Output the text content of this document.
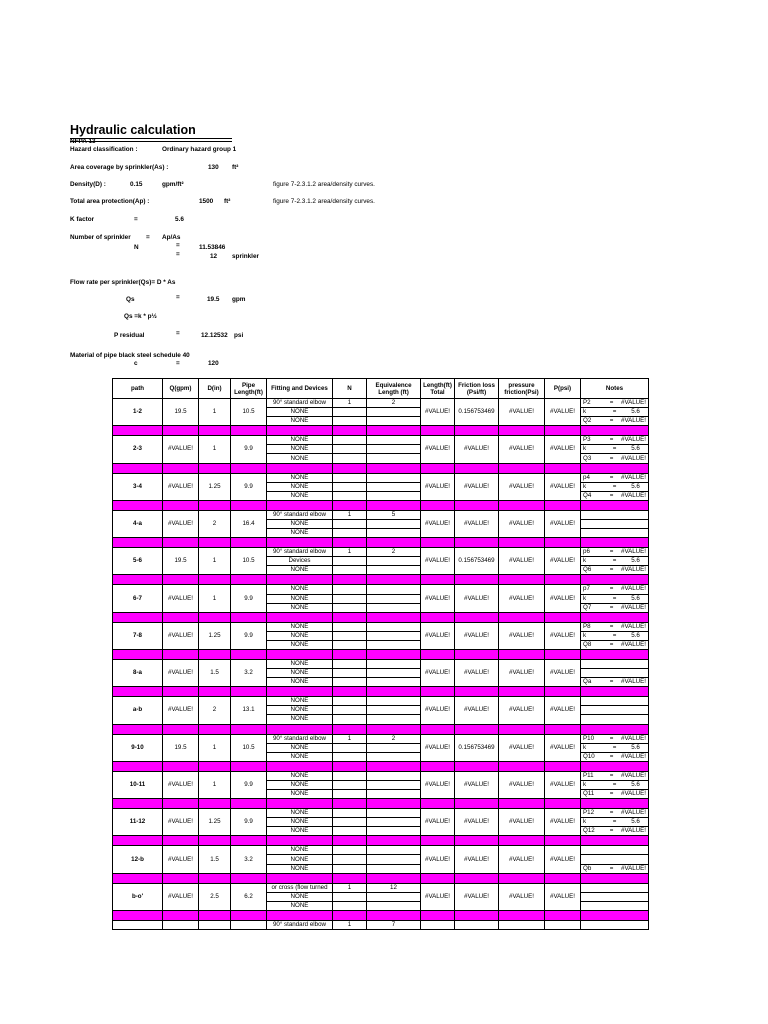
Hydraulic calculation
NFPA 13
Hazard classification :	Ordinary hazard group 1
Area coverage by sprinkler(As) :	130 ft²
Density(D) :	0.15	gpm/ft²	figure 7-2.3.1.2 area/density curves.
Total area protection(Ap) :	1500 ft²	figure 7-2.3.1.2 area/density curves.
K factor	=	5.6
Number of sprinkler = Ap/As
N	=	11.53846
=	12 sprinkler
Flow rate per sprinkler(Qs)= D * As
Qs	=	19.5 gpm
Qs =k * p½
P residual	=	12.12532 psi
Material of pipe black steel schedule 40
c	=	120
path	Q(gpm)	D(in)	Pipe Length(ft)	Fitting and Devices	N	Equivalence Length (ft)	Length(ft) Total	Friction loss (Psi/ft)	pressure friction(Psi)	P(psi)	Notes
1-2	19.5	1	10.5	90° standard elbow	1	2	#VALUE!	0.156753469	#VALUE!	#VALUE!	P2 = #VALUE!

				NONE							k = 5.6

				NONE							Q2 = #VALUE!

2-3	#VALUE!	1	9.9	NONE			#VALUE!	#VALUE!	#VALUE!	#VALUE!	P3 = #VALUE!

				NONE							k = 5.6

				NONE							Q3 = #VALUE!

3-4	#VALUE!	1.25	9.9	NONE			#VALUE!	#VALUE!	#VALUE!	#VALUE!	p4 = #VALUE!

				NONE							k = 5.6

				NONE							Q4 = #VALUE!

4-a	#VALUE!	2	16.4	90° standard elbow	1	5	#VALUE!	#VALUE!	#VALUE!	#VALUE!	

				NONE							

				NONE							

5-6	19.5	1	10.5	90° standard elbow	1	2	#VALUE!	0.156753469	#VALUE!	#VALUE!	p6 = #VALUE!

				Devices							k = 5.6

				NONE							Q6 = #VALUE!

6-7	#VALUE!	1	9.9	NONE			#VALUE!	#VALUE!	#VALUE!	#VALUE!	p7 = #VALUE!

				NONE							k = 5.6

				NONE							Q7 = #VALUE!

7-8	#VALUE!	1.25	9.9	NONE			#VALUE!	#VALUE!	#VALUE!	#VALUE!	P8 = #VALUE!

				NONE							k = 5.6

				NONE							Q8 = #VALUE!

8-a	#VALUE!	1.5	3.2	NONE			#VALUE!	#VALUE!	#VALUE!	#VALUE!	

				NONE							

				NONE							Qa = #VALUE!

a-b	#VALUE!	2	13.1	NONE			#VALUE!	#VALUE!	#VALUE!	#VALUE!	

				NONE							

				NONE							

9-10	19.5	1	10.5	90° standard elbow	1	2	#VALUE!	0.156753469	#VALUE!	#VALUE!	P10 = #VALUE!

				NONE							k = 5.6

				NONE							Q10 = #VALUE!

10-11	#VALUE!	1	9.9	NONE			#VALUE!	#VALUE!	#VALUE!	#VALUE!	P11 = #VALUE!

				NONE							k = 5.6

				NONE							Q11 = #VALUE!

11-12	#VALUE!	1.25	9.9	NONE			#VALUE!	#VALUE!	#VALUE!	#VALUE!	P12 = #VALUE!

				NONE							k = 5.6

				NONE							Q12 = #VALUE!

12-b	#VALUE!	1.5	3.2	NONE			#VALUE!	#VALUE!	#VALUE!	#VALUE!	

				NONE							

				NONE							Qb = #VALUE!

b-o'	#VALUE!	2.5	6.2	or cross (flow turned	1	12	#VALUE!	#VALUE!	#VALUE!	#VALUE!	

				NONE							

				NONE							

				90° standard elbow	1	7					
